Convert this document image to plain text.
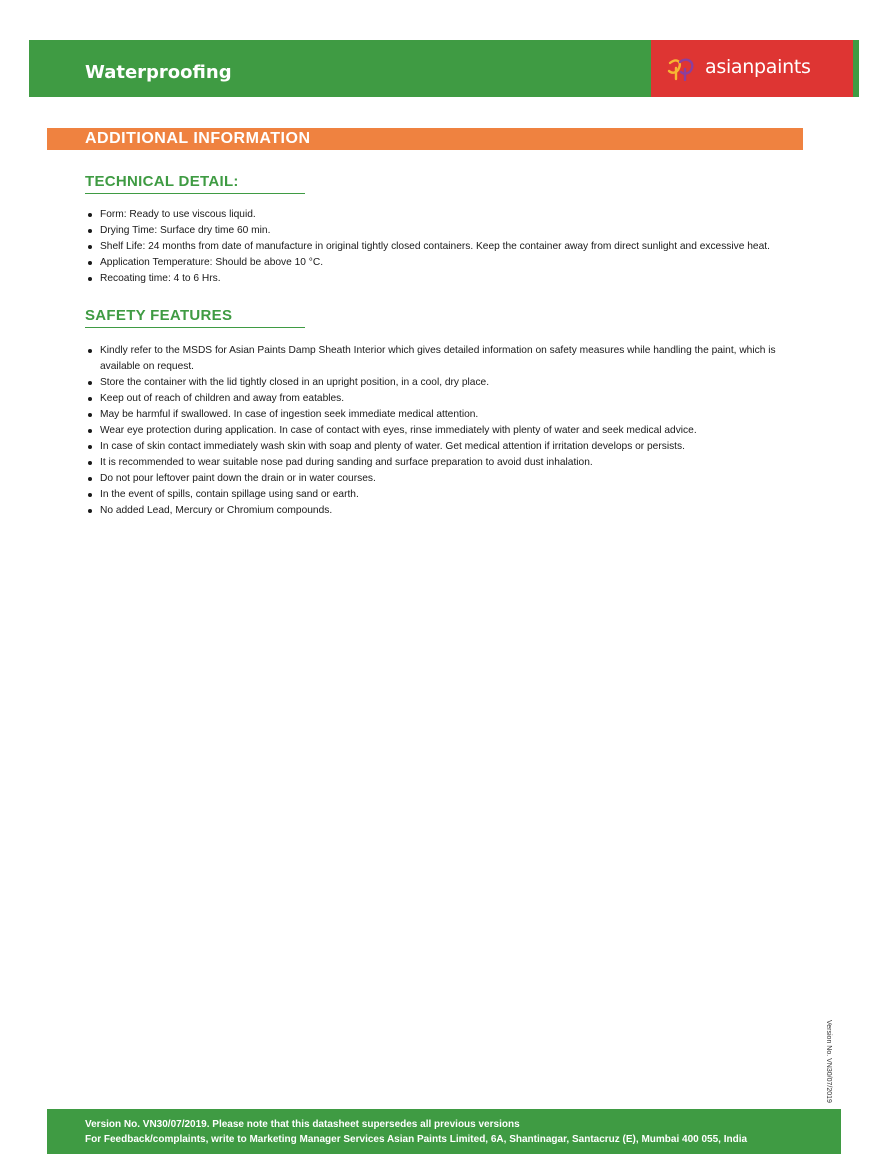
Waterproofing	asianpaints
ADDITIONAL INFORMATION
TECHNICAL DETAIL:
Form: Ready to use viscous liquid.
Drying Time: Surface dry time 60 min.
Shelf Life: 24 months from date of manufacture in original tightly closed containers. Keep the container away from direct sunlight and excessive heat.
Application Temperature: Should be above 10 °C.
Recoating time: 4 to 6 Hrs.
SAFETY FEATURES
Kindly refer to the MSDS for Asian Paints Damp Sheath Interior which gives detailed information on safety measures while handling the paint, which is available on request.
Store the container with the lid tightly closed in an upright position, in a cool, dry place.
Keep out of reach of children and away from eatables.
May be harmful if swallowed. In case of ingestion seek immediate medical attention.
Wear eye protection during application. In case of contact with eyes, rinse immediately with plenty of water and seek medical advice.
In case of skin contact immediately wash skin with soap and plenty of water. Get medical attention if irritation develops or persists.
It is recommended to wear suitable nose pad during sanding and surface preparation to avoid dust inhalation.
Do not pour leftover paint down the drain or in water courses.
In the event of spills, contain spillage using sand or earth.
No added Lead, Mercury or Chromium compounds.
Version No. VN30/07/2019
Version No. VN30/07/2019. Please note that this datasheet supersedes all previous versions
For Feedback/complaints, write to Marketing Manager Services Asian Paints Limited, 6A, Shantinagar, Santacruz (E), Mumbai 400 055, India
